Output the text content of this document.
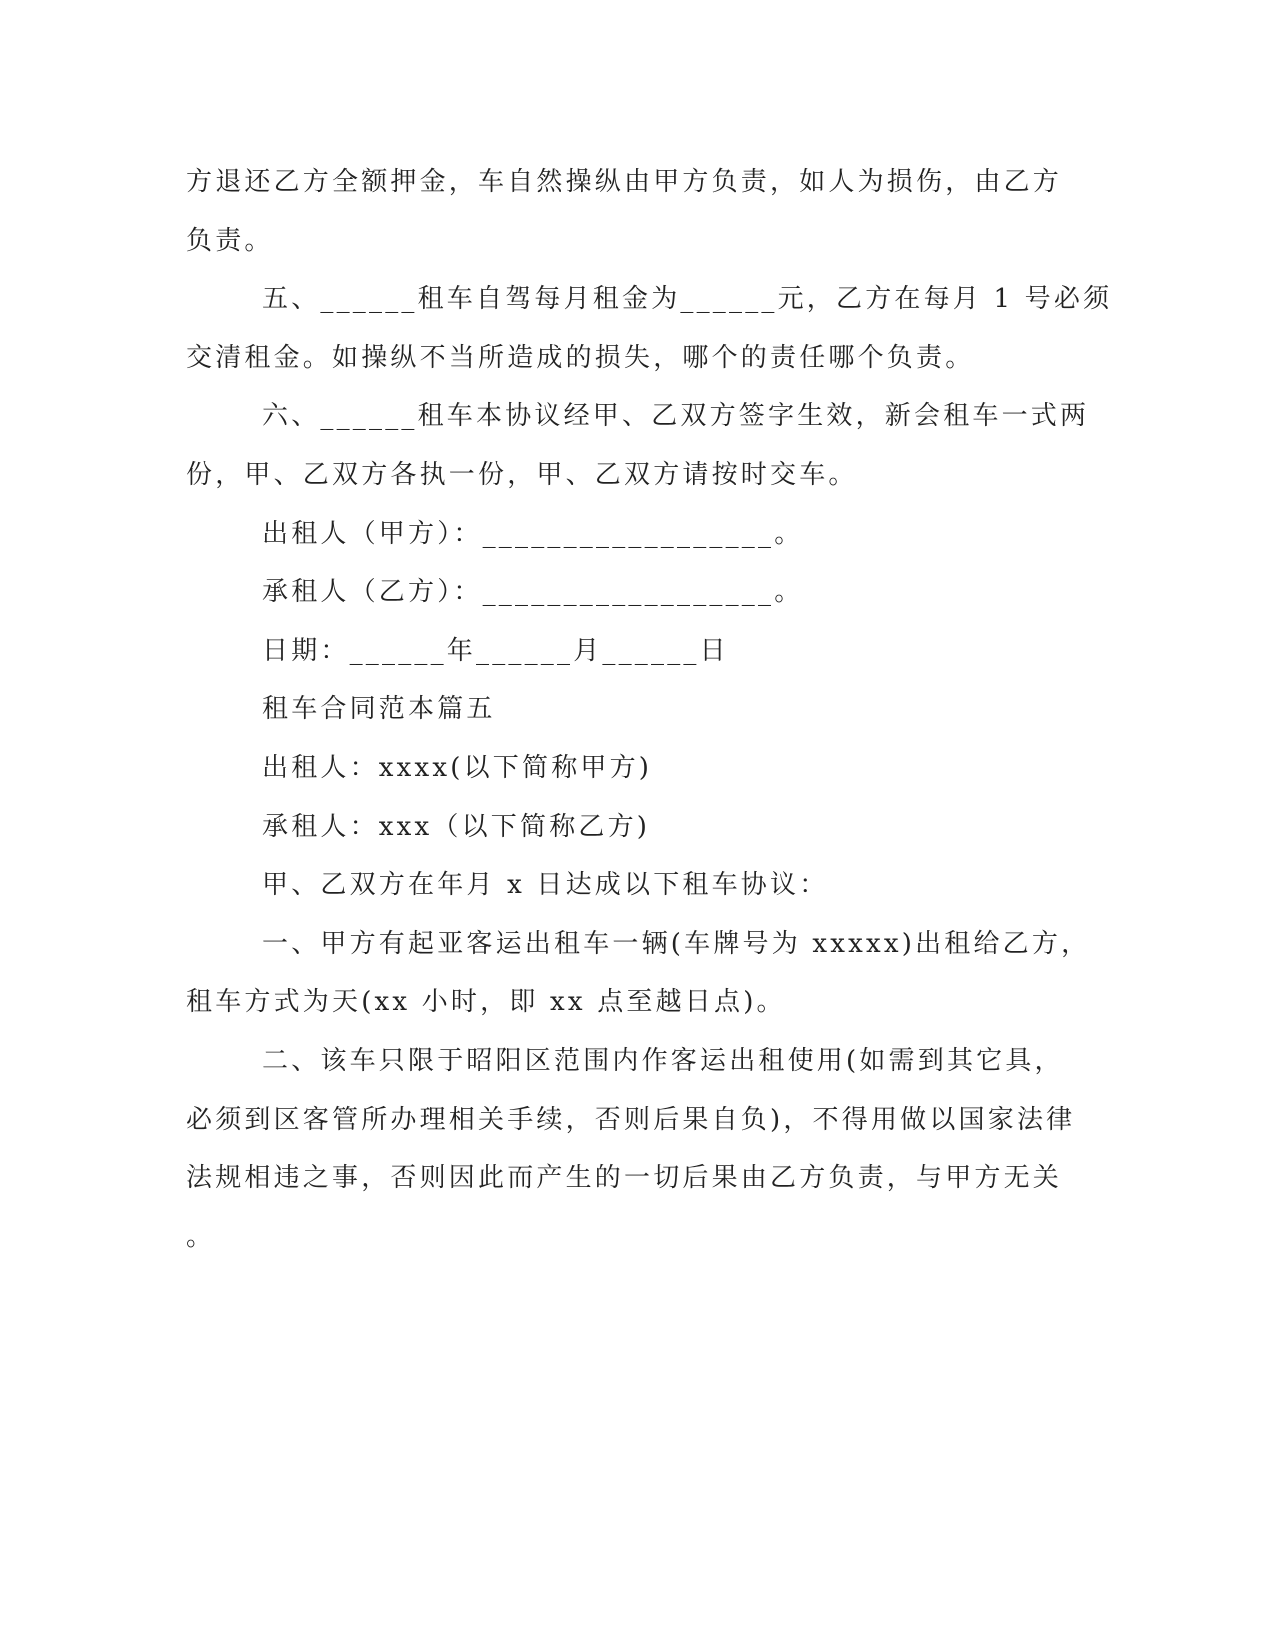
方退还乙方全额押金，车自然操纵由甲方负责，如人为损伤，由乙方
负责。
五、______租车自驾每月租金为______元，乙方在每月 1 号必须
交清租金。如操纵不当所造成的损失，哪个的责任哪个负责。
六、______租车本协议经甲、乙双方签字生效，新会租车一式两
份，甲、乙双方各执一份，甲、乙双方请按时交车。
出租人（甲方）：__________________。
承租人（乙方）：__________________。
日期：______年______月______日
租车合同范本篇五
出租人：xxxx(以下简称甲方)
承租人：xxx（以下简称乙方)
甲、乙双方在年月 x 日达成以下租车协议：
一、甲方有起亚客运出租车一辆(车牌号为 xxxxx)出租给乙方，
租车方式为天(xx 小时，即 xx 点至越日点)。
二、该车只限于昭阳区范围内作客运出租使用(如需到其它具，
必须到区客管所办理相关手续，否则后果自负)，不得用做以国家法律
法规相违之事，否则因此而产生的一切后果由乙方负责，与甲方无关
。
